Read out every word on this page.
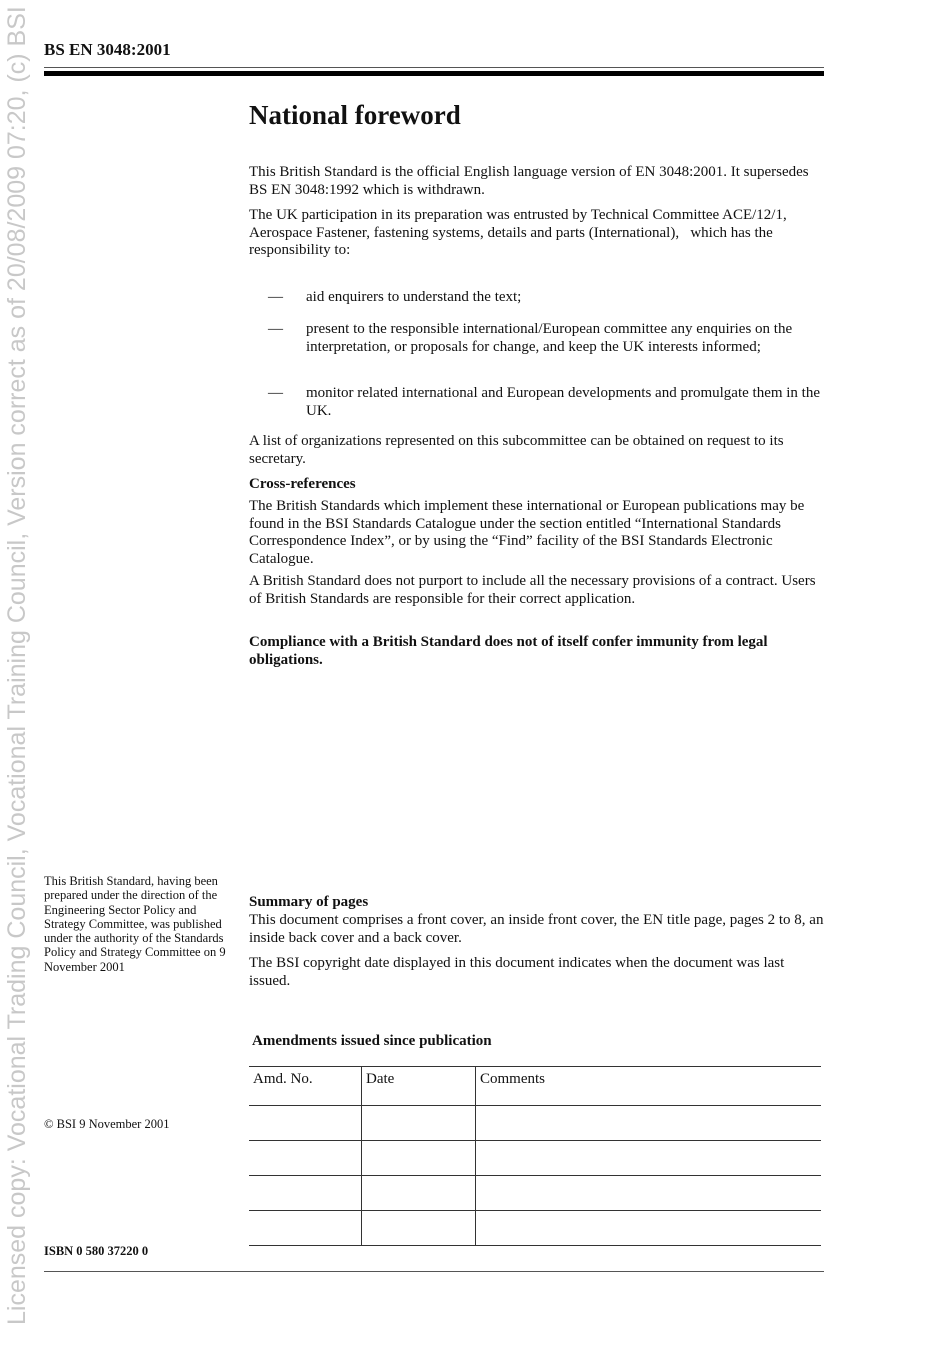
Licensed copy: Vocational Trading Council, Vocational Training Council, Version correct as of 20/08/2009 07:20, (c) BSI BS EN 3048:2001
National foreword

This British Standard is the official English language version of EN 3048:2001. It supersedes BS EN 3048:1992 which is withdrawn.

The UK participation in its preparation was entrusted by Technical Committee ACE/12/1, Aerospace Fastener, fastening systems, details and parts (International),   which has the responsibility to:

— aid enquirers to understand the text;

— present to the responsible international/European committee any enquiries on the interpretation, or proposals for change, and keep the UK interests informed;

— monitor related international and European developments and promulgate them in the UK.

A list of organizations represented on this subcommittee can be obtained on request to its secretary.

Cross-references

The British Standards which implement these international or European publications may be found in the BSI Standards Catalogue under the section entitled “International Standards Correspondence Index”, or by using the “Find” facility of the BSI Standards Electronic Catalogue.

A British Standard does not purport to include all the necessary provisions of a contract. Users of British Standards are responsible for their correct application.

Compliance with a British Standard does not of itself confer immunity from legal obligations.

This British Standard, having been prepared under the direction of the Engineering Sector Policy and Strategy Committee, was published under the authority of the Standards Policy and Strategy Committee on 9 November 2001

© BSI 9 November 2001

ISBN 0 580 37220 0

Summary of pages

This document comprises a front cover, an inside front cover, the EN title page, pages 2 to 8, an inside back cover and a back cover.

The BSI copyright date displayed in this document indicates when the document was last issued.

Amendments issued since publication

Amd. No.	Date	Comments
